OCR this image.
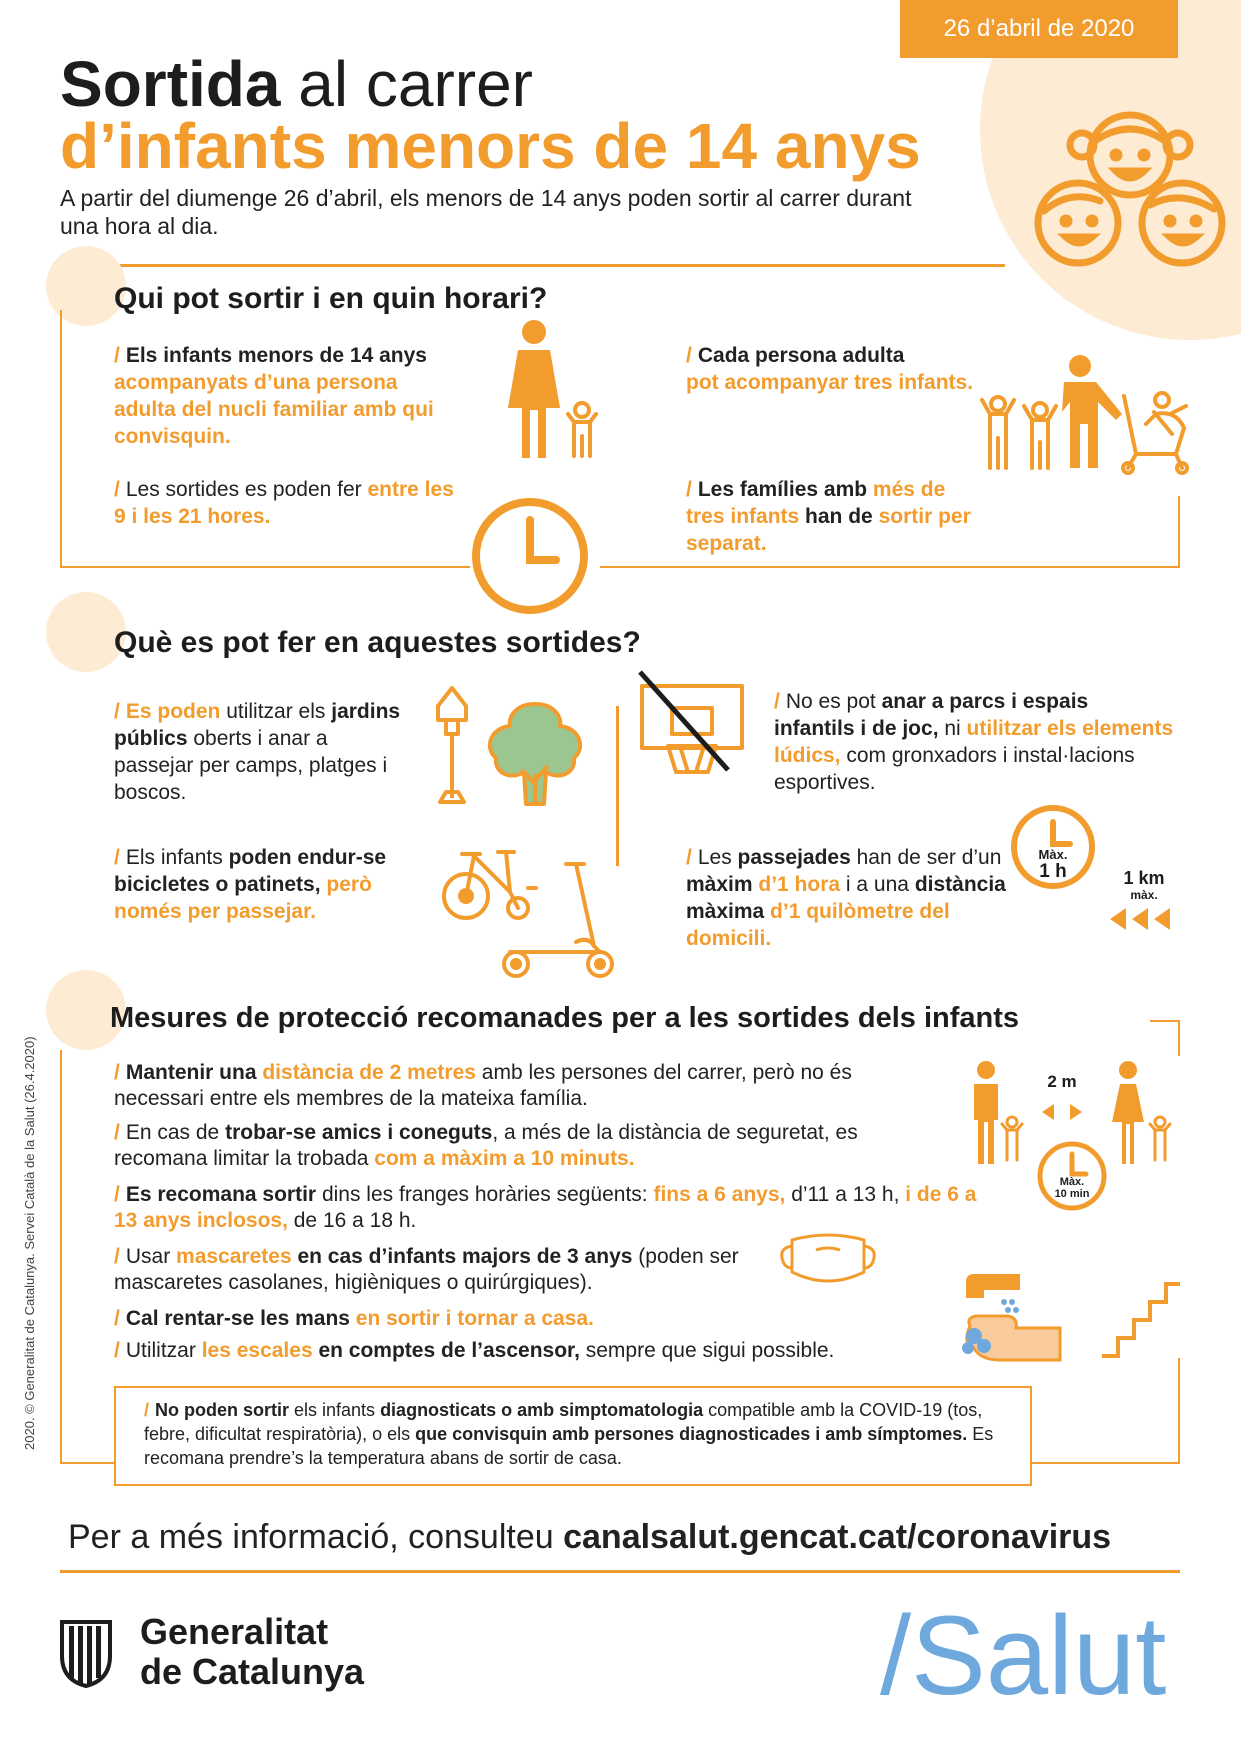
26 d’abril de 2020
Sortida al carrer
d’infants menors de 14 anys
A partir del diumenge 26 d’abril, els menors de 14 anys poden sortir al carrer durant una hora al dia.
Qui pot sortir i en quin horari?
/ Els infants menors de 14 anys
acompanyats d’una persona adulta del nucli familiar amb qui convisquin.
/ Cada persona adulta
pot acompanyar tres infants.
/ Les sortides es poden fer entre les 9 i les 21 hores.
/ Les famílies amb més de tres infants han de sortir per separat.
Què es pot fer en aquestes sortides?
/ Es poden utilitzar els jardins públics oberts i anar a passejar per camps, platges i boscos.
/ No es pot anar a parcs i espais infantils i de joc, ni utilitzar els elements lúdics, com gronxadors i instal·lacions esportives.
/ Els infants poden endur-se bicicletes o patinets, però només per passejar.
/ Les passejades han de ser d’un màxim d’1 hora i a una distància màxima d’1 quilòmetre del domicili.
Màx.
1 h	1 km
màx.
Mesures de protecció recomanades per a les sortides dels infants
/ Mantenir una distància de 2 metres amb les persones del carrer, però no és necessari entre els membres de la mateixa família.
/ En cas de trobar-se amics i coneguts, a més de la distància de seguretat, es recomana limitar la trobada com a màxim a 10 minuts.
/ Es recomana sortir dins les franges horàries següents: fins a 6 anys, d’11 a 13 h, i de 6 a 13 anys inclosos, de 16 a 18 h.
/ Usar mascaretes en cas d’infants majors de 3 anys (poden ser mascaretes casolanes, higièniques o quirúrgiques).
/ Cal rentar-se les mans en sortir i tornar a casa.
/ Utilitzar les escales en comptes de l’ascensor, sempre que sigui possible.
2 m
Màx.
10 min
/ No poden sortir els infants diagnosticats o amb simptomatologia compatible amb la COVID-19 (tos, febre, dificultat respiratòria), o els que convisquin amb persones diagnosticades i amb símptomes. Es recomana prendre’s la temperatura abans de sortir de casa.
2020. © Generalitat de Catalunya. Servei Català de la Salut (26.4.2020)
Per a més informació, consulteu canalsalut.gencat.cat/coronavirus
Generalitat
de Catalunya	/Salut
